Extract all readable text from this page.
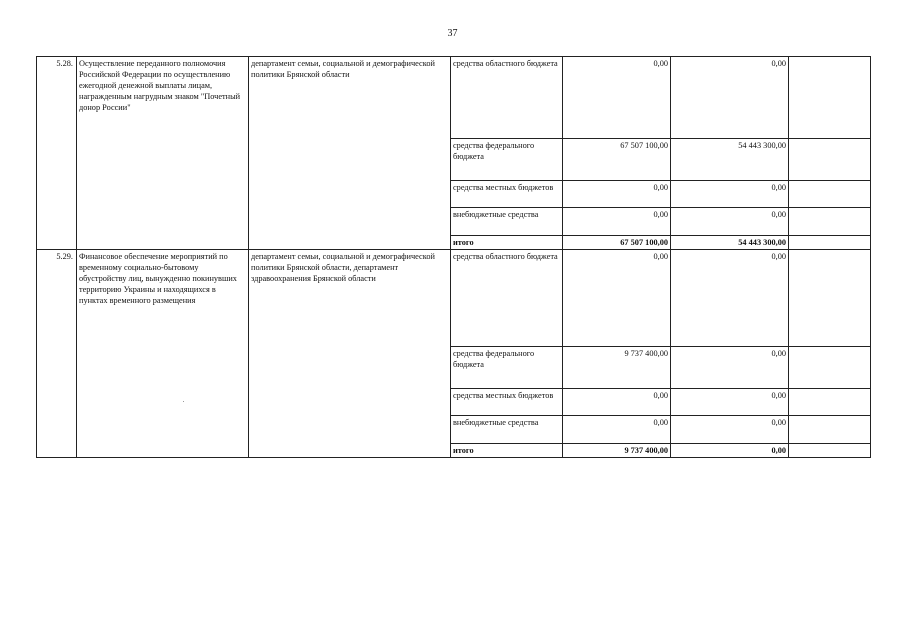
37
5.28.	Осуществление переданного полномочия Российской Федерации по осуществлению ежегодной денежной выплаты лицам, награжденным нагрудным знаком "Почетный донор России"	департамент семьи, социальной и демографической политики Брянской области	средства областного бюджета	0,00	0,00	
			средства федерального бюджета	67 507 100,00	54 443 300,00	
			средства местных бюджетов	0,00	0,00	
			внебюджетные средства	0,00	0,00	
			итого	67 507 100,00	54 443 300,00	
5.29.	Финансовое обеспечение мероприятий по временному социально-бытовому обустройству лиц, вынужденно покинувших территорию Украины и находящихся в пунктах временного размещения	департамент семьи, социальной и демографической политики Брянской области, департамент здравоохранения Брянской области	средства областного бюджета	0,00	0,00	
			средства федерального бюджета	9 737 400,00	0,00	
			средства местных бюджетов	0,00	0,00	
			внебюджетные средства	0,00	0,00	
			итого	9 737 400,00	0,00	
